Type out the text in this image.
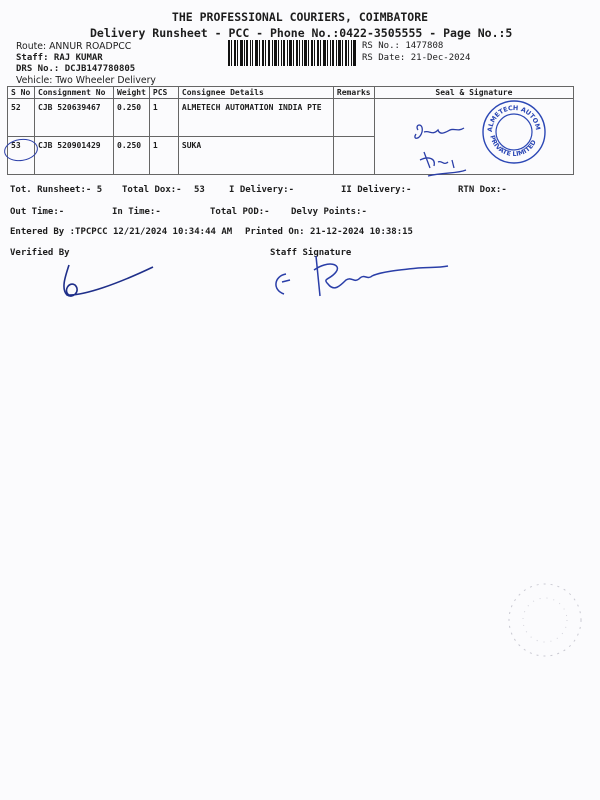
THE PROFESSIONAL COURIERS, COIMBATORE
Delivery Runsheet - PCC - Phone No.:0422-3505555 - Page No.:5
Route: ANNUR ROADPCC
Staff: RAJ KUMAR
DRS No.: DCJB147780805
Vehicle: Two Wheeler Delivery
RS No.: 1477808
RS Date: 21-Dec-2024
S No	Consignment No	Weight	PCS	Consignee Details	Remarks	Seal & Signature
52	CJB 520639467	0.250	1	ALMETECH AUTOMATION INDIA PTE		
53	CJB 520901429	0.250	1	SUKA		
ALMETECH AUTOM
PRIVATE LIMITED
Tot. Runsheet:- 5 Total Dox:- 53	I Delivery:-	II Delivery:-	RTN Dox:-
Out Time:-	In Time:-	Total POD:- Delvy Points:-
Entered By :TPCPCC 12/21/2024 10:34:44 AM Printed On: 21-12-2024 10:38:15
Verified By	Staff Signature
